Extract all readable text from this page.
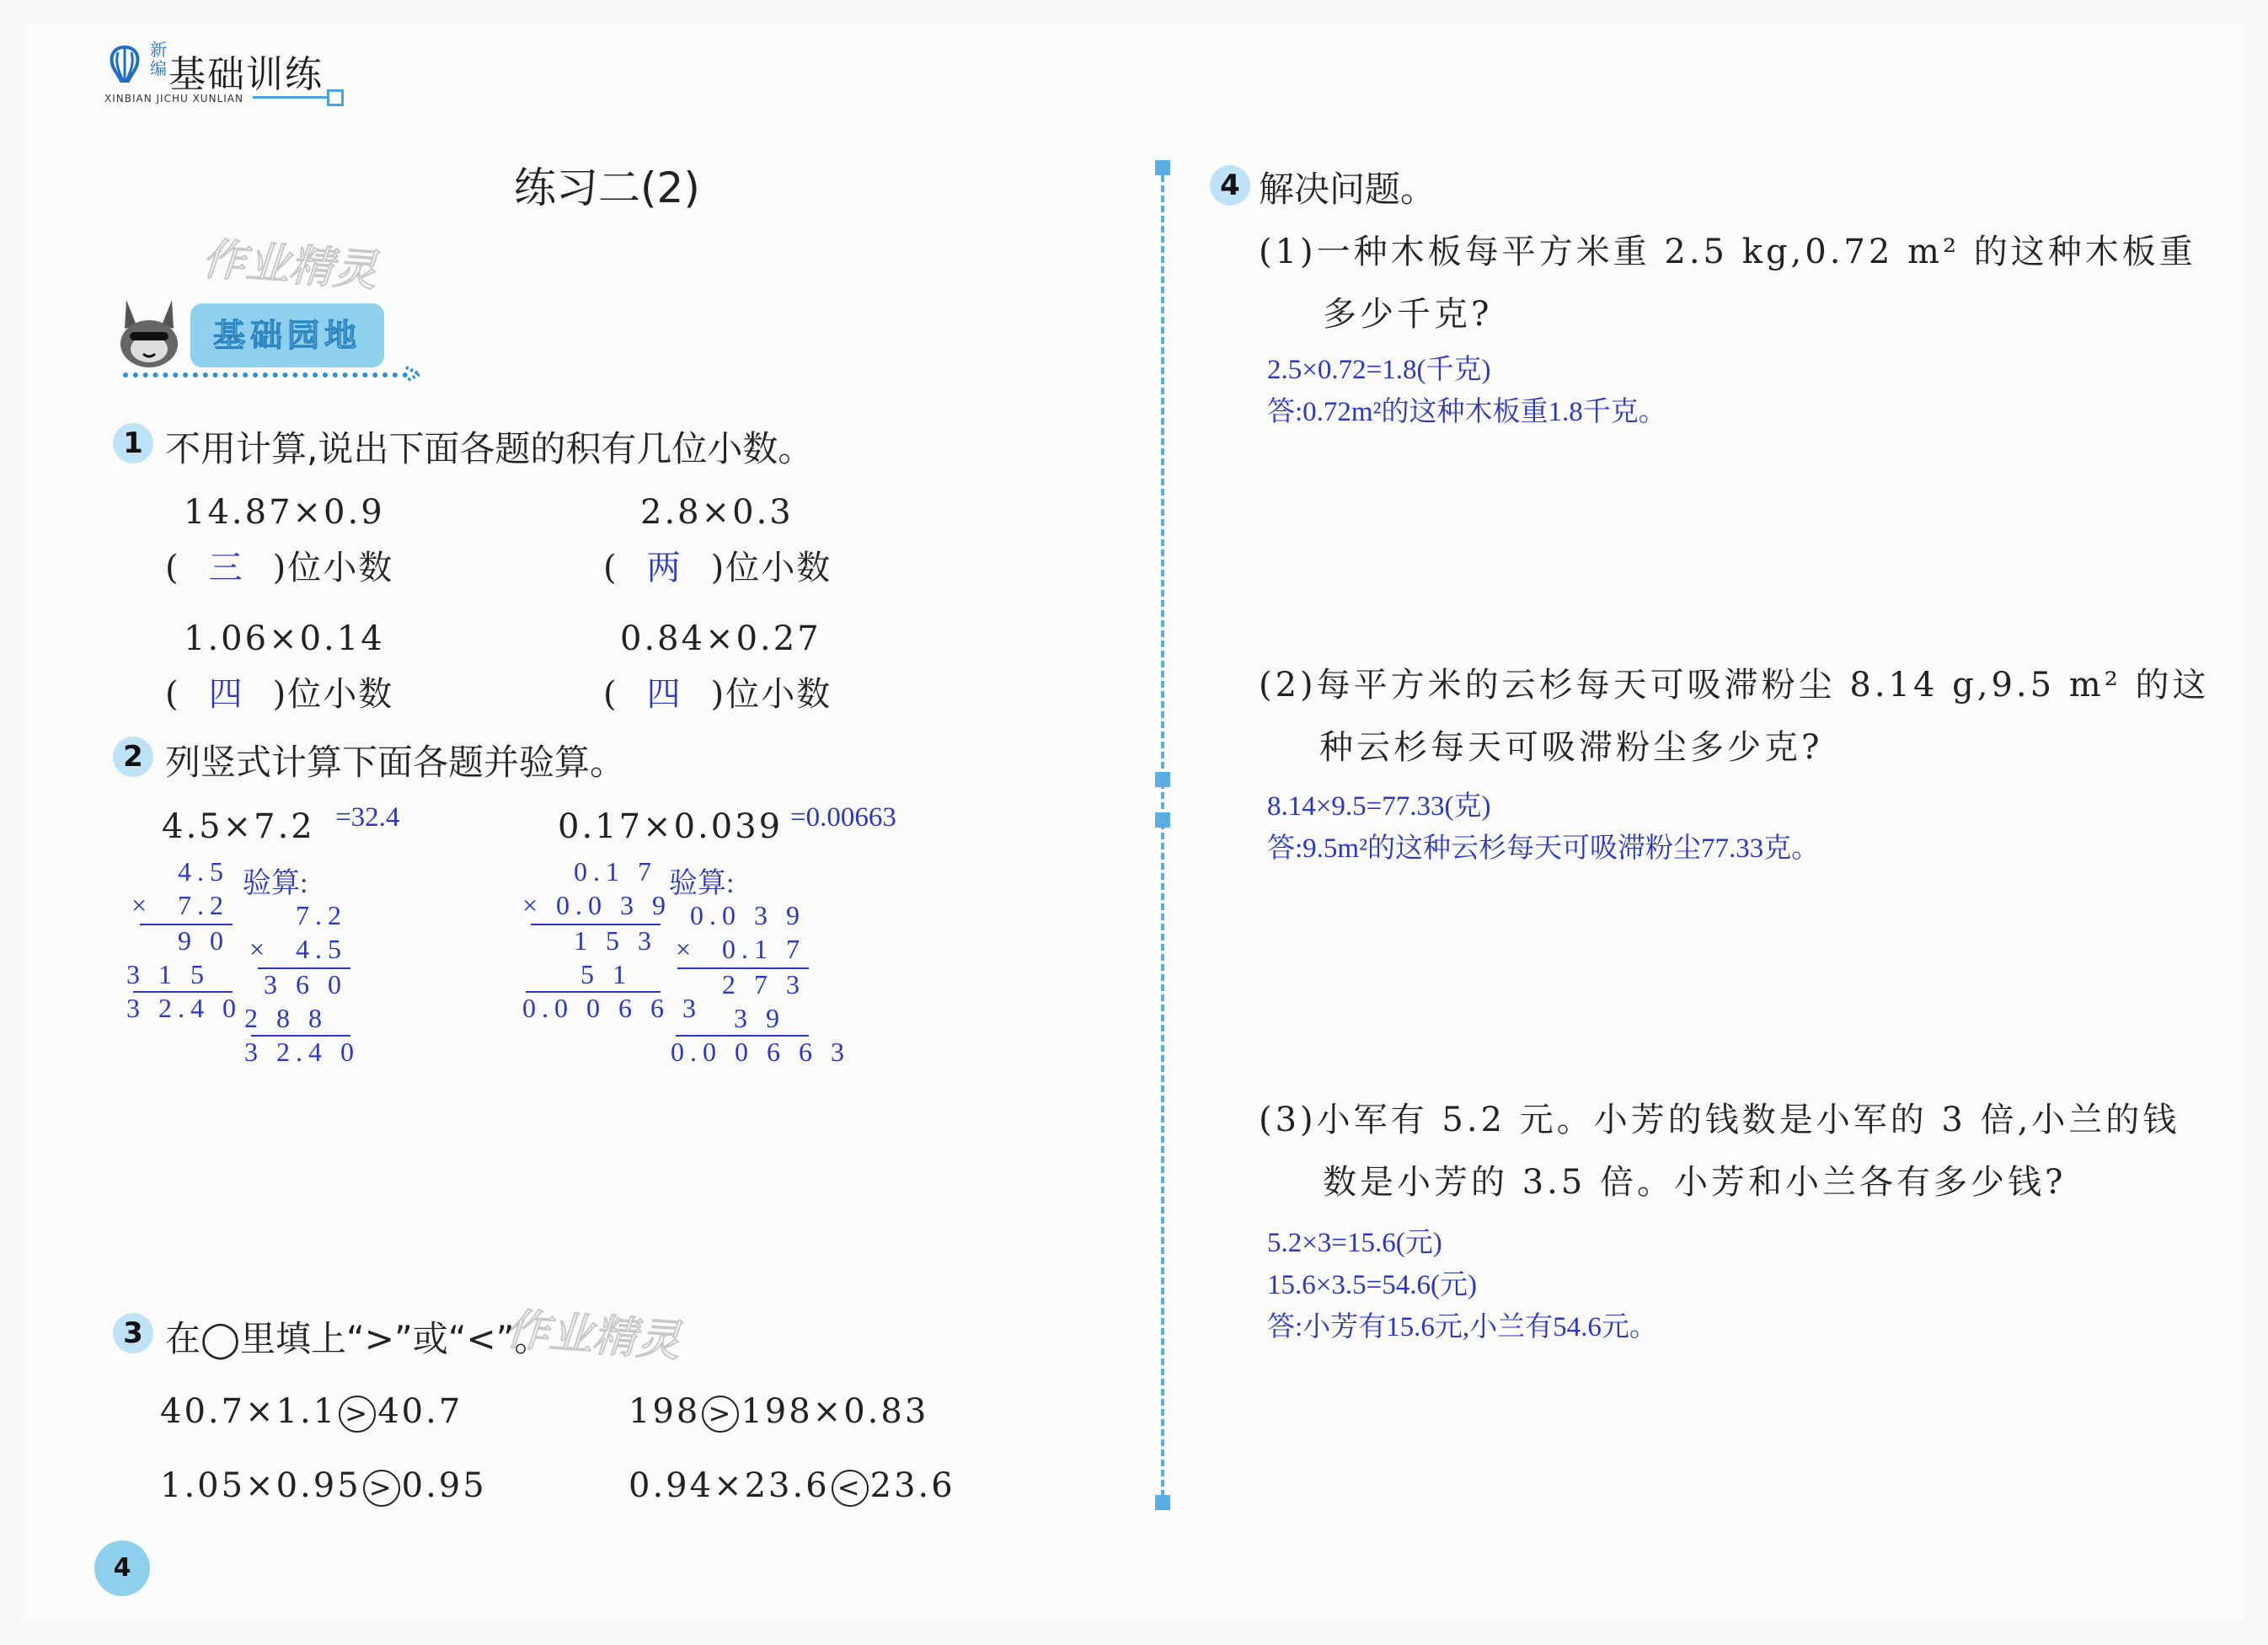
新编 基础训练
XINBIAN JICHU XUNLIAN
练习二(2)
作业精灵
作业精灵
基础园地
1 不用计算,说出下面各题的积有几位小数。
14.87×0.9
( 三 )位小数
2.8×0.3
( 两 )位小数
1.06×0.14
( 四 )位小数
0.84×0.27
( 四 )位小数
2 列竖式计算下面各题并验算。
4.5×7.2 =32.4
4.5
×  7.2
9 0
3 1 5
3 2.4 0
验算:
7.2
×  4.5
3 6 0
2 8 8
3 2.4 0
0.17×0.039 =0.00663
0.1 7
× 0.0 3 9
1 5 3
5 1
0.0 0 6 6 3
验算:
0.0 3 9
×  0.1 7
2 7 3
3 9
0.0 0 6 6 3
3 在◯里填上“>”或“<”。
40.7×1.1 > 40.7	198 > 198×0.83
1.05×0.95 > 0.95	0.94×23.6 < 23.6
4 解决问题。
(1)一种木板每平方米重 2.5 kg,0.72 m² 的这种木板重
多少千克?
2.5×0.72=1.8(千克)
答:0.72m²的这种木板重1.8千克。
(2)每平方米的云杉每天可吸滞粉尘 8.14 g,9.5 m² 的这
种云杉每天可吸滞粉尘多少克?
8.14×9.5=77.33(克)
答:9.5m²的这种云杉每天可吸滞粉尘77.33克。
(3)小军有 5.2 元。小芳的钱数是小军的 3 倍,小兰的钱
数是小芳的 3.5 倍。小芳和小兰各有多少钱?
5.2×3=15.6(元)
15.6×3.5=54.6(元)
答:小芳有15.6元,小兰有54.6元。
4
